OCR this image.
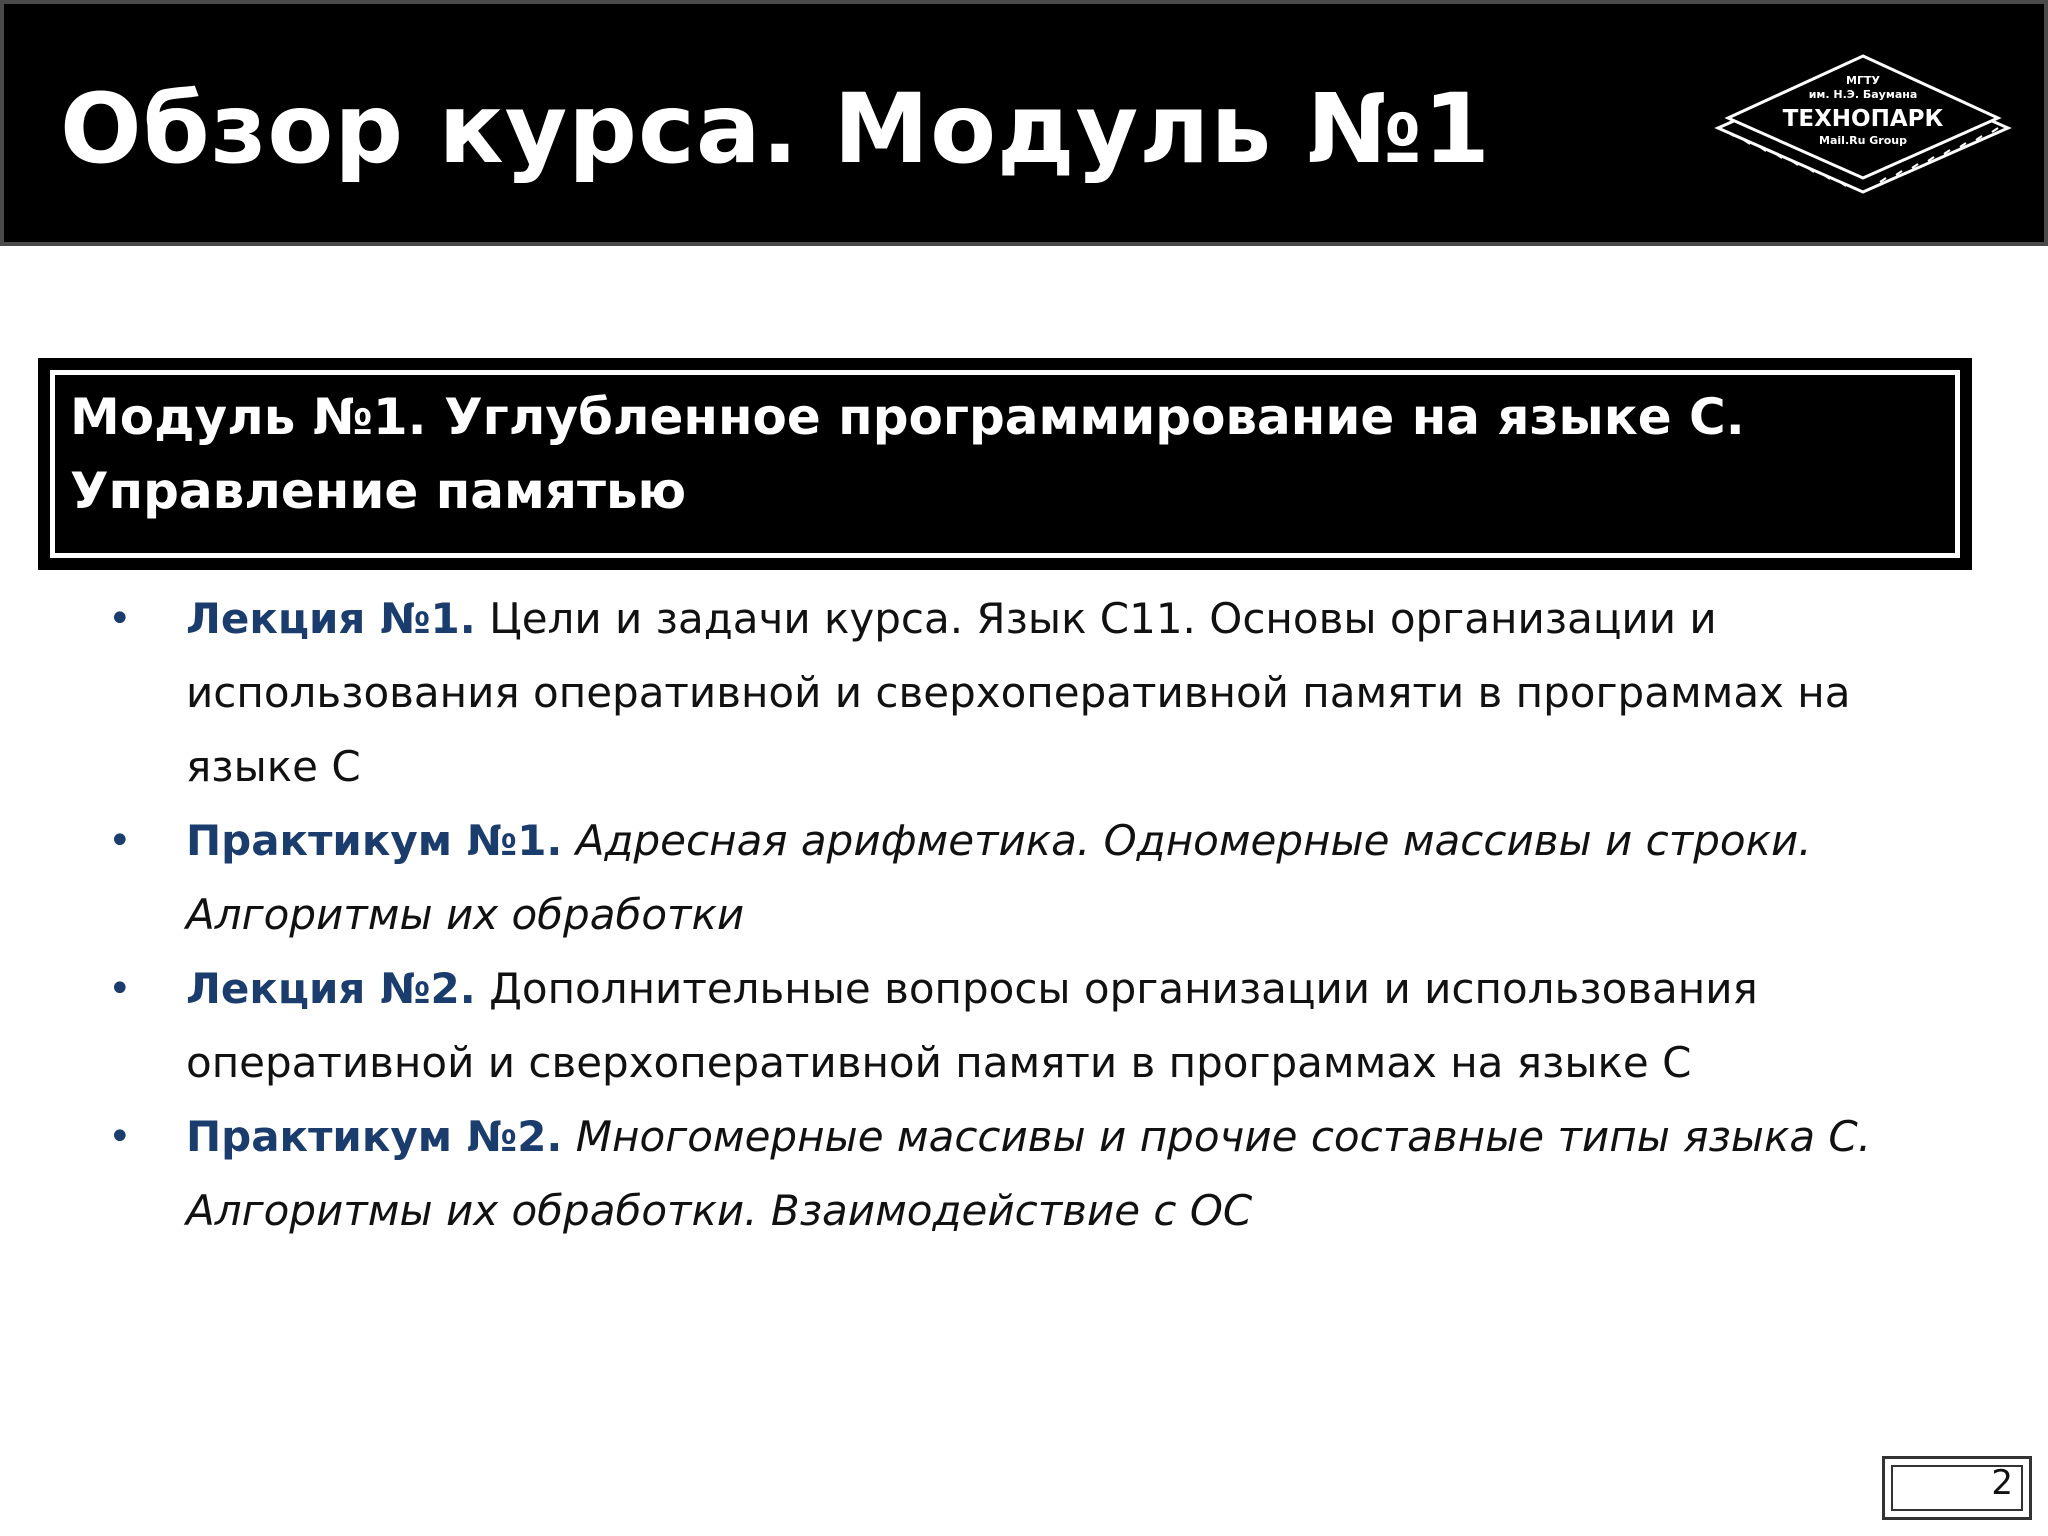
Обзор курса. Модуль №1	МГТУ
им. Н.Э. Баумана
ТЕХНОПАРК
Mail.Ru Group
Модуль №1. Углубленное программирование на языке С. Управление памятью
• Лекция №1. Цели и задачи курса. Язык С11. Основы организации и использования оперативной и сверхоперативной памяти в программах на языке С
• Практикум №1. Адресная арифметика. Одномерные массивы и строки. Алгоритмы их обработки
• Лекция №2. Дополнительные вопросы организации и использования оперативной и сверхоперативной памяти в программах на языке С
• Практикум №2. Многомерные массивы и прочие составные типы языка С. Алгоритмы их обработки. Взаимодействие с ОС
2
